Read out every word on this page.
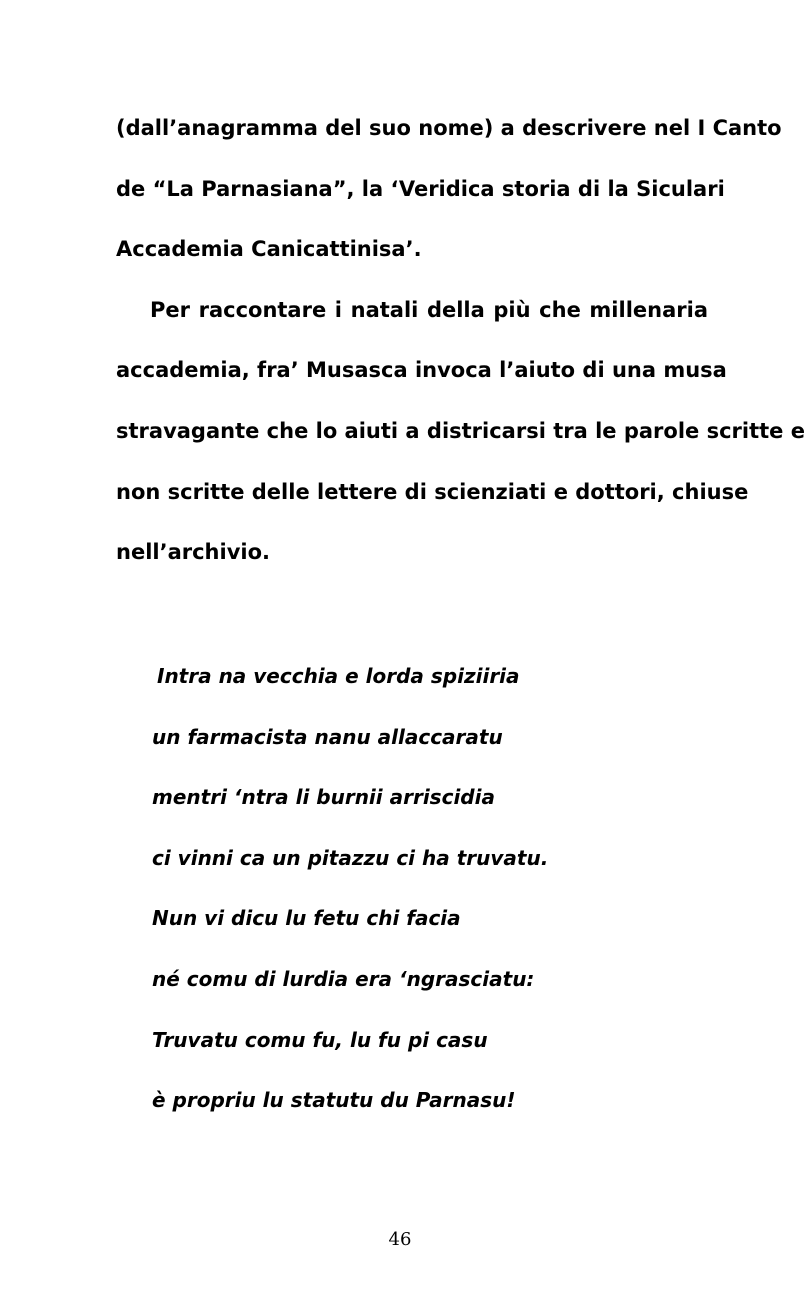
(dall’anagramma del suo nome) a descrivere nel I Canto
de “La Parnasiana”, la ‘Veridica storia di la Siculari
Accademia Canicattinisa’.

Per raccontare i natali della più che millenaria
accademia, fra’ Musasca invoca l’aiuto di una musa
stravagante che lo aiuti a districarsi tra le parole scritte e
non scritte delle lettere di scienziati e dottori, chiuse
nell’archivio.

Intra na vecchia e lorda spiziiria
un farmacista nanu allaccaratu
mentri ‘ntra li burnii arriscidia
ci vinni ca un pitazzu ci ha truvatu.
Nun vi dicu lu fetu chi facia
né comu di lurdia era ‘ngrasciatu:
Truvatu comu fu, lu fu pi casu
è propriu lu statutu du Parnasu!
46
